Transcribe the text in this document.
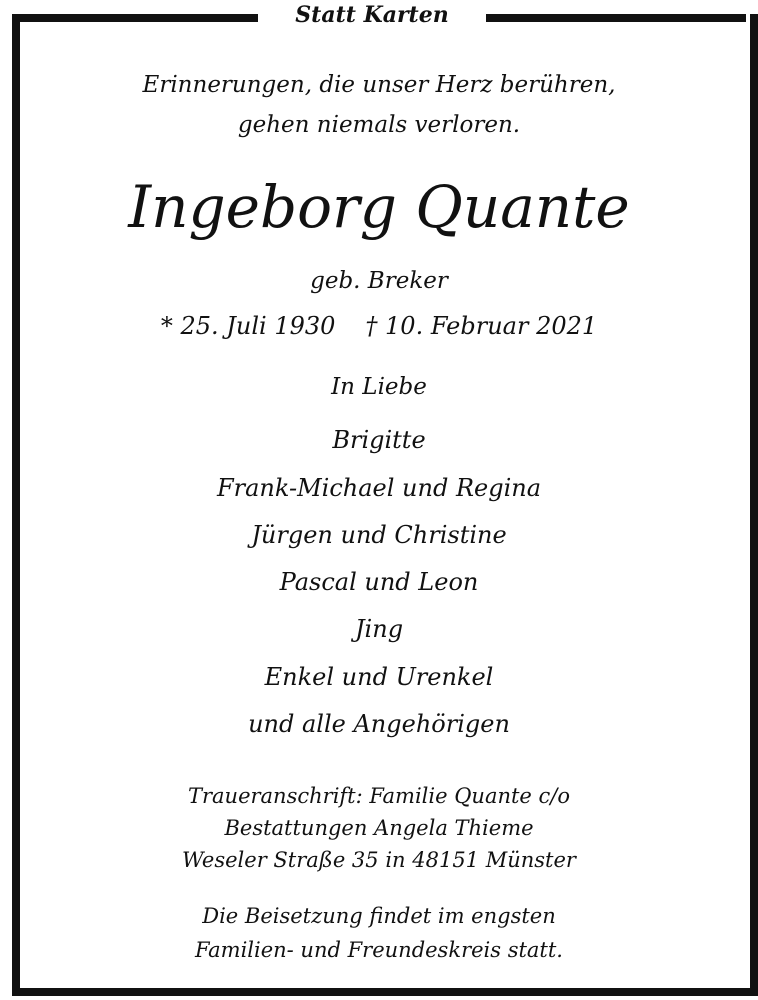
Statt Karten
Erinnerungen, die unser Herz berühren,
gehen niemals verloren.
Ingeborg Quante
geb. Breker
* 25. Juli 1930 † 10. Februar 2021
In Liebe
Brigitte
Frank-Michael und Regina
Jürgen und Christine
Pascal und Leon
Jing
Enkel und Urenkel
und alle Angehörigen
Traueranschrift: Familie Quante c/o
Bestattungen Angela Thieme
Weseler Straße 35 in 48151 Münster
Die Beisetzung findet im engsten
Familien- und Freundeskreis statt.
